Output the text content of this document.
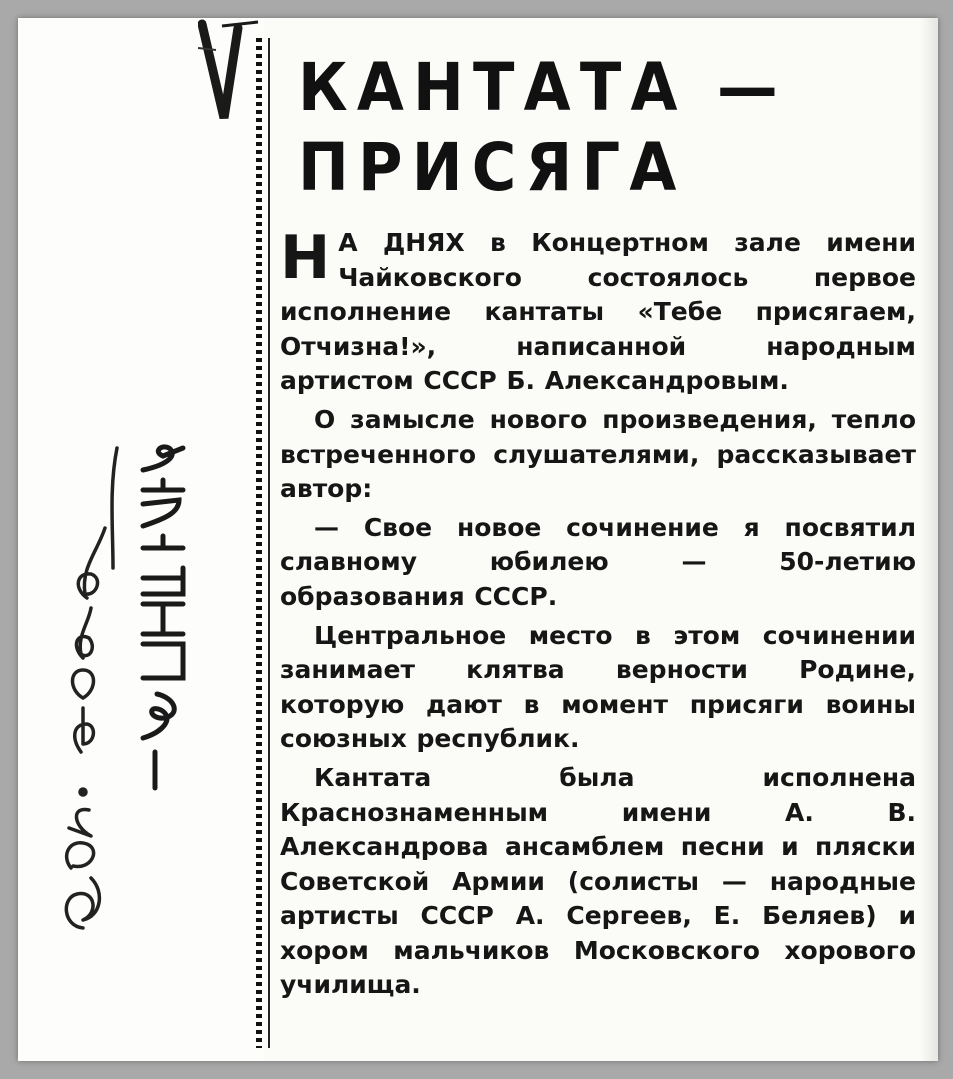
КАНТАТА —
ПРИСЯГА

Н А ДНЯХ в Концертном зале имени Чайковского состоялось первое исполнение кантаты «Тебе присягаем, Отчизна!», написанной народным артистом СССР Б. Александровым.

О замысле нового произведения, тепло встреченного слушателями, рассказывает автор:

— Свое новое сочинение я посвятил славному юбилею — 50-летию образования СССР.

Центральное место в этом сочинении занимает клятва верности Родине, которую дают в момент присяги воины союзных республик.

Кантата была исполнена Краснознаменным имени А. В. Александрова ансамблем песни и пляски Советской Армии (солисты — народные артисты СССР А. Сергеев, Е. Беляев) и хором мальчиков Московского хорового училища.
